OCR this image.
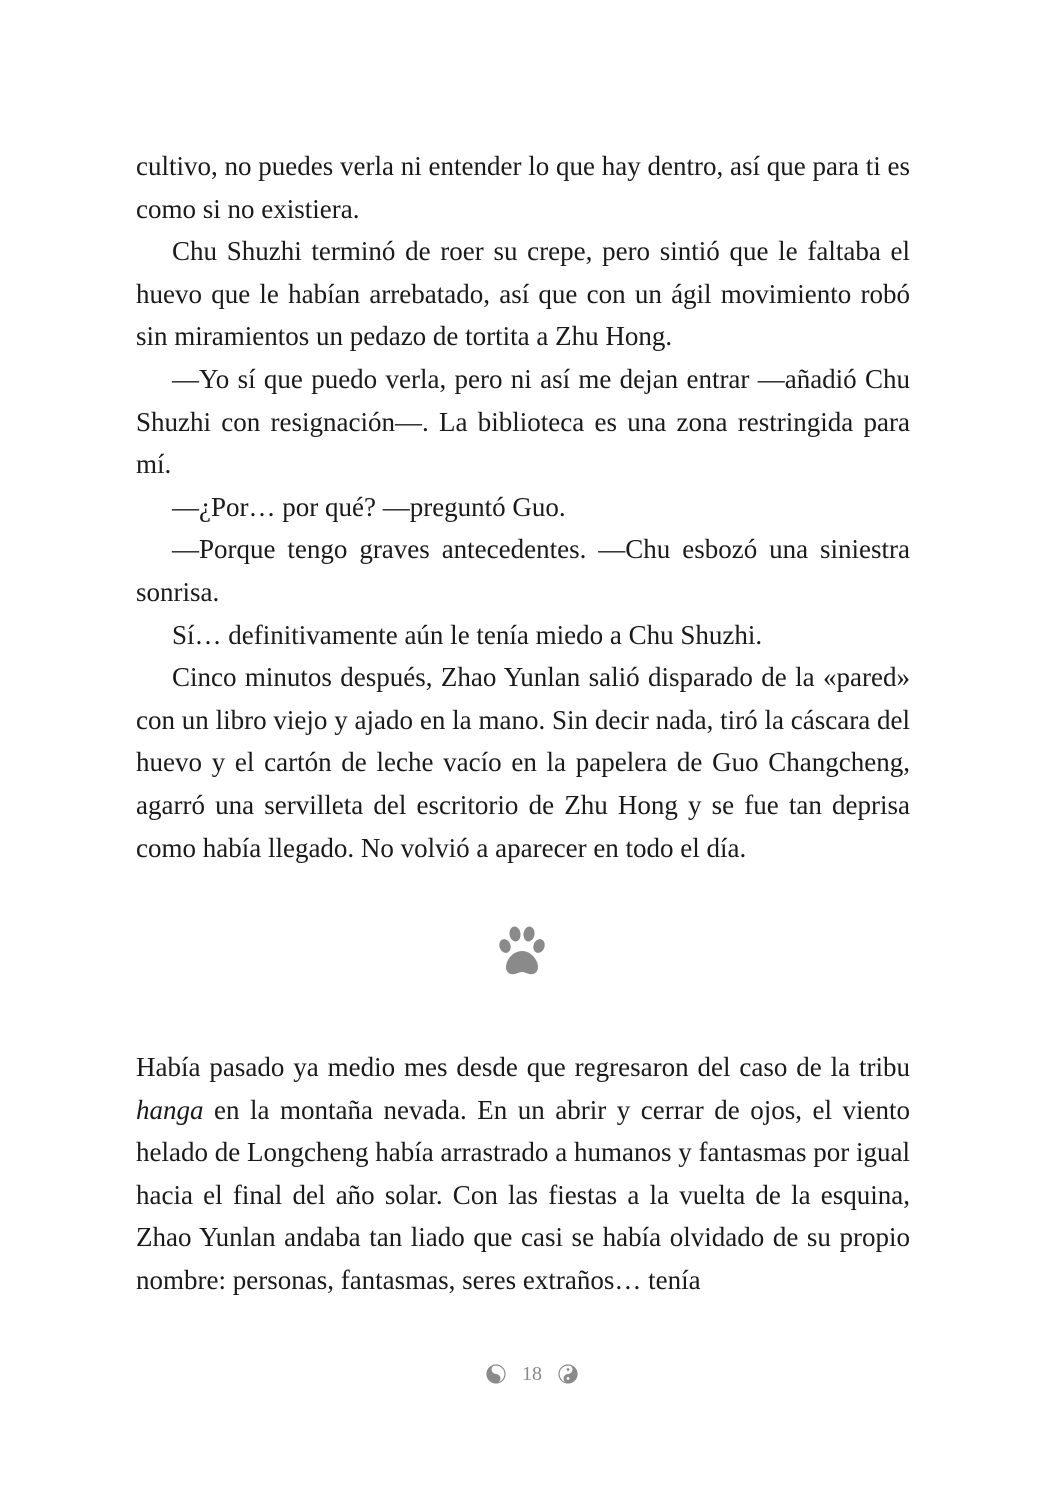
cultivo, no puedes verla ni entender lo que hay dentro, así que para ti es como si no existiera.

Chu Shuzhi terminó de roer su crepe, pero sintió que le faltaba el huevo que le habían arrebatado, así que con un ágil movimiento robó sin miramientos un pedazo de tortita a Zhu Hong.

—Yo sí que puedo verla, pero ni así me dejan entrar —añadió Chu Shuzhi con resignación—. La biblioteca es una zona restringida para mí.

—¿Por… por qué? —preguntó Guo.

—Porque tengo graves antecedentes. —Chu esbozó una siniestra sonrisa.

Sí… definitivamente aún le tenía miedo a Chu Shuzhi.

Cinco minutos después, Zhao Yunlan salió disparado de la «pared» con un libro viejo y ajado en la mano. Sin decir nada, tiró la cáscara del huevo y el cartón de leche vacío en la papelera de Guo Changcheng, agarró una servilleta del escritorio de Zhu Hong y se fue tan deprisa como había llegado. No volvió a aparecer en todo el día.

Había pasado ya medio mes desde que regresaron del caso de la tribu hanga en la montaña nevada. En un abrir y cerrar de ojos, el viento helado de Longcheng había arrastrado a humanos y fantasmas por igual hacia el final del año solar. Con las fiestas a la vuelta de la esquina, Zhao Yunlan andaba tan liado que casi se había olvidado de su propio nombre: personas, fantasmas, seres extraños… tenía

18
